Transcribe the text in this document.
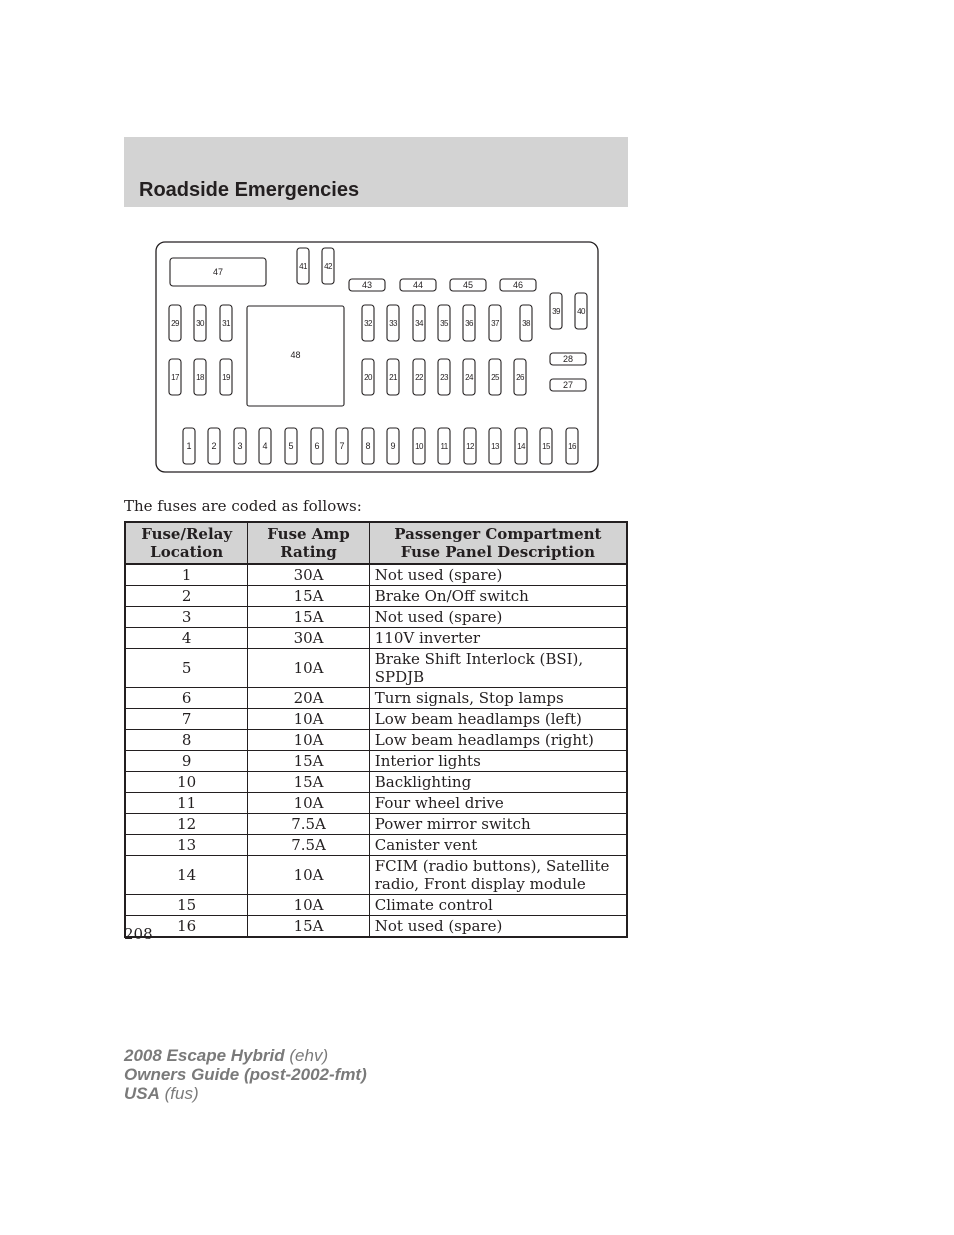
Roadside Emergencies
1 2 3 4 5 6 7 8 9 10 11 12 13 14 15 16
17 18 19	20 21 22 23 24 25 26
27
28
29 30 31	32 33 34 35 36 37	38
39 40
41 42
43	44	45	46
47
48
The fuses are coded as follows:
Fuse/Relay Location	Fuse Amp Rating	Passenger Compartment Fuse Panel Description
1	30A	Not used (spare)
2	15A	Brake On/Off switch
3	15A	Not used (spare)
4	30A	110V inverter
5	10A	Brake Shift Interlock (BSI), SPDJB
6	20A	Turn signals, Stop lamps
7	10A	Low beam headlamps (left)
8	10A	Low beam headlamps (right)
9	15A	Interior lights
10	15A	Backlighting
11	10A	Four wheel drive
12	7.5A	Power mirror switch
13	7.5A	Canister vent
14	10A	FCIM (radio buttons), Satellite radio, Front display module
15	10A	Climate control
16	15A	Not used (spare)
208
2008 Escape Hybrid (ehv)
Owners Guide (post-2002-fmt)
USA (fus)
